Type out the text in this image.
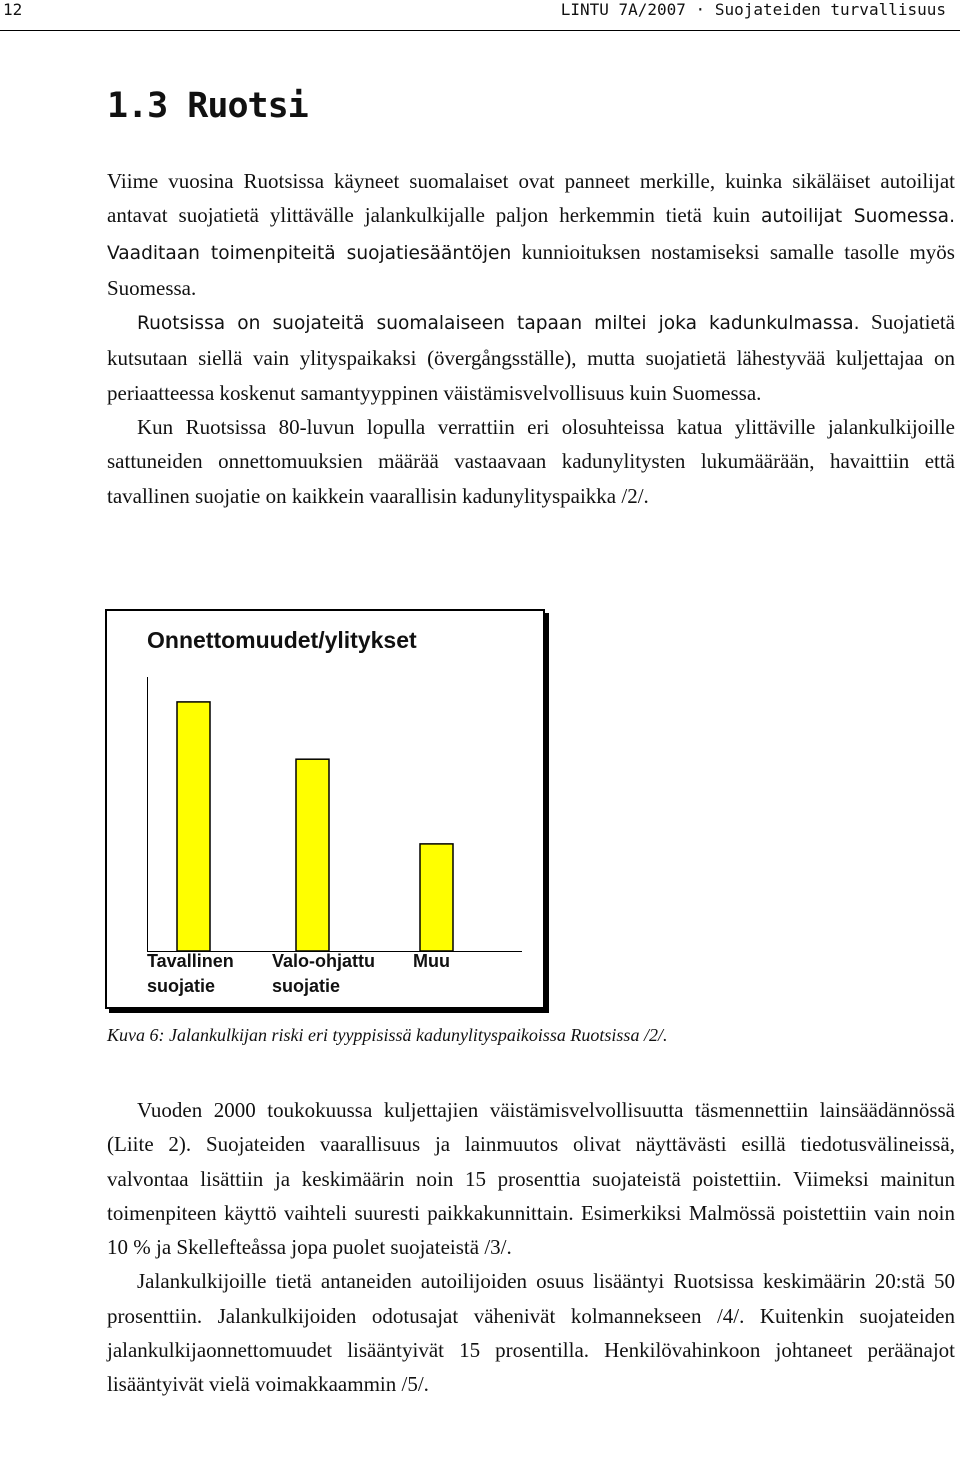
12	LINTU 7A/2007 · Suojateiden turvallisuus
1.3 Ruotsi

Viime vuosina Ruotsissa käyneet suomalaiset ovat panneet merkille, kuinka sikäläiset autoilijat antavat suojatietä ylittävälle jalankulkijalle paljon herkemmin tietä kuin autoilijat Suomessa. Vaaditaan toimenpiteitä suojatiesääntöjen kunnioituksen nostamiseksi samalle tasolle myös Suomessa.

Ruotsissa on suojateitä suomalaiseen tapaan miltei joka kadunkulmassa. Suojatietä kutsutaan siellä vain ylityspaikaksi (övergångsställe), mutta suojatietä lähestyvää kuljettajaa on periaatteessa koskenut samantyyppinen väistämisvelvollisuus kuin Suomessa.

Kun Ruotsissa 80-luvun lopulla verrattiin eri olosuhteissa katua ylittäville jalankulkijoille sattuneiden onnettomuuksien määrää vastaavaan kadunylitysten lukumäärään, havaittiin että tavallinen suojatie on kaikkein vaarallisin kadunylityspaikka /2/.

Onnettomuudet/ylitykset
Tavallinen
suojatie
Valo-ohjattu
suojatie
Muu
Kuva 6: Jalankulkijan riski eri tyyppisissä kadunylityspaikoissa Ruotsissa /2/.

Vuoden 2000 toukokuussa kuljettajien väistämisvelvollisuutta täsmennettiin lainsäädännössä (Liite 2). Suojateiden vaarallisuus ja lainmuutos olivat näyttävästi esillä tiedotusvälineissä, valvontaa lisättiin ja keskimäärin noin 15 prosenttia suojateistä poistettiin. Viimeksi mainitun toimenpiteen käyttö vaihteli suuresti paikkakunnittain. Esimerkiksi Malmössä poistettiin vain noin 10 % ja Skellefteåssa jopa puolet suojateistä /3/.

Jalankulkijoille tietä antaneiden autoilijoiden osuus lisääntyi Ruotsissa keskimäärin 20:stä 50 prosenttiin. Jalankulkijoiden odotusajat vähenivät kolmannekseen /4/. Kuitenkin suojateiden jalankulkijaonnettomuudet lisääntyivät 15 prosentilla. Henkilövahinkoon johtaneet peräänajot lisääntyivät vielä voimakkaammin /5/.
